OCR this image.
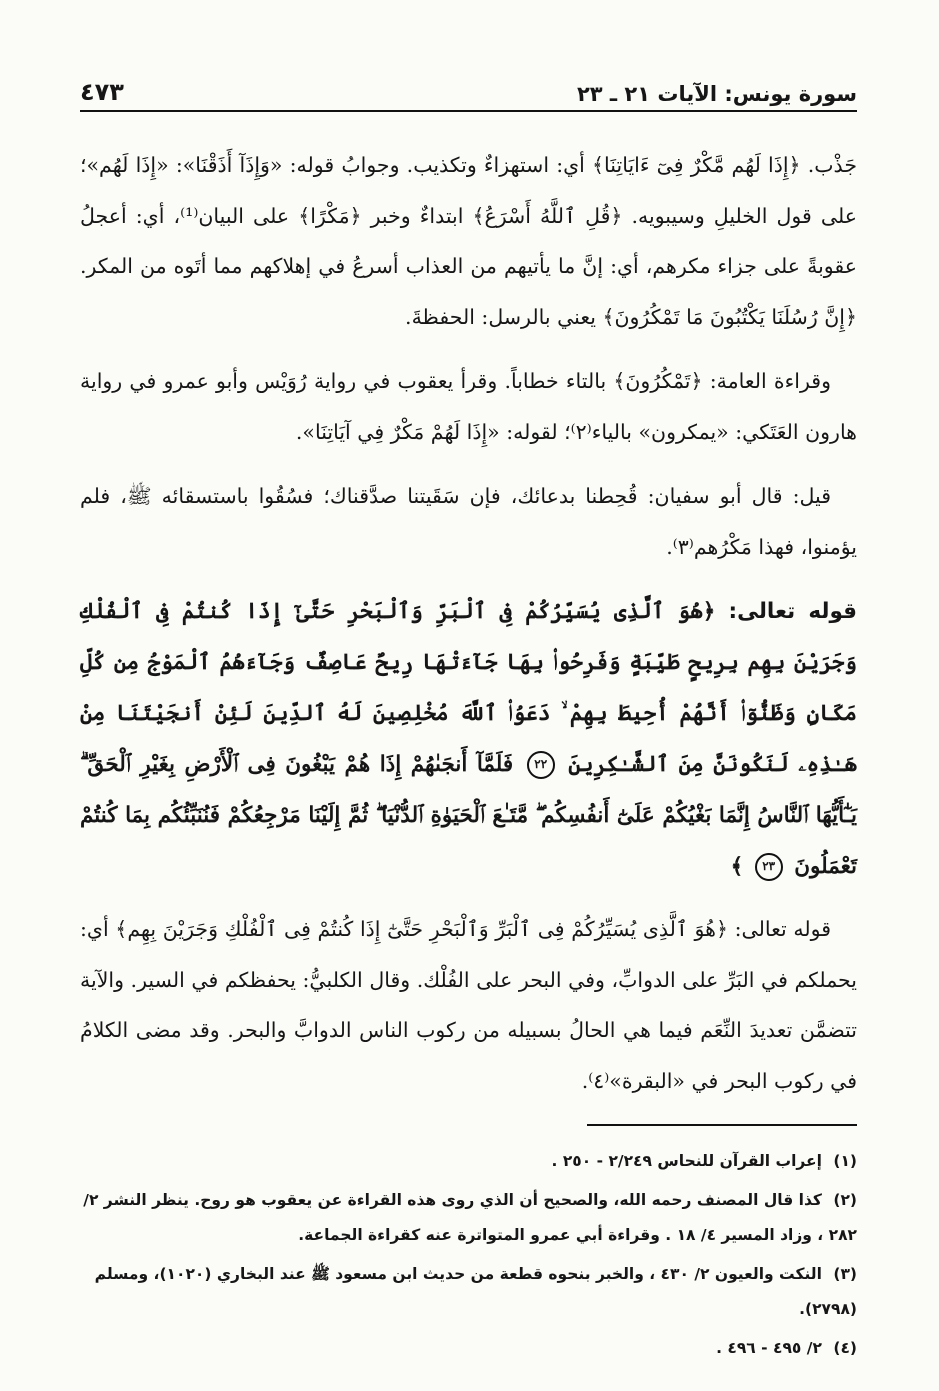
سورة يونس: الآيات ٢١ ـ ٢٣
٤٧٣

جَذْب. ﴿إِذَا لَهُم مَّكْرٌ فِىٓ ءَايَاتِنَا﴾ أي: استهزاءٌ وتكذيب. وجوابُ قوله: «وَإِذَآ أَذَقْنَا»: «إِذَا لَهُم»؛ على قول الخليلِ وسيبويه. ﴿قُلِ ٱللَّهُ أَسْرَعُ﴾ ابتداءٌ وخبر ﴿مَكْرًا﴾ على البيان⁽¹⁾، أي: أعجلُ عقوبةً على جزاء مكرهم، أي: إنَّ ما يأتيهم من العذاب أسرعُ في إهلاكهم مما أتَوه من المكر. ﴿إِنَّ رُسُلَنَا يَكْتُبُونَ مَا تَمْكُرُونَ﴾ يعني بالرسل: الحفظةَ.

وقراءة العامة: ﴿تَمْكُرُونَ﴾ بالتاء خطاباً. وقرأ يعقوب في رواية رُوَيْس وأبو عمرو في رواية هارون العَتَكي: «يمكرون» بالياء⁽٢⁾؛ لقوله: «إِذَا لَهُمْ مَكْرٌ فِي آيَاتِنَا».

قيل: قال أبو سفيان: قُحِطنا بدعائك، فإن سَقَيتنا صدَّقناك؛ فسُقُوا باستسقائه ﷺ، فلم يؤمنوا، فهذا مَكْرُهم⁽٣⁾.

قوله تعالى: ﴿هُوَ ٱلَّذِى يُسَيِّرُكُمْ فِى ٱلْبَرِّ وَٱلْبَحْرِ حَتَّىٰٓ إِذَا كُنتُمْ فِى ٱلْفُلْكِ وَجَرَيْنَ بِهِم بِرِيحٍ طَيِّبَةٍ وَفَرِحُوا۟ بِهَا جَآءَتْهَا رِيحٌ عَاصِفٌ وَجَآءَهُمُ ٱلْمَوْجُ مِن كُلِّ مَكَانٍ وَظَنُّوٓا۟ أَنَّهُمْ أُحِيطَ بِهِمْ ۙ دَعَوُا۟ ٱللَّهَ مُخْلِصِينَ لَهُ ٱلدِّينَ لَئِنْ أَنجَيْتَنَا مِنْ هَـٰذِهِۦ لَنَكُونَنَّ مِنَ ٱلشَّـٰكِرِينَ ٢٢ فَلَمَّآ أَنجَىٰهُمْ إِذَا هُمْ يَبْغُونَ فِى ٱلْأَرْضِ بِغَيْرِ ٱلْحَقِّ ۗ يَـٰٓأَيُّهَا ٱلنَّاسُ إِنَّمَا بَغْيُكُمْ عَلَىٰٓ أَنفُسِكُم ۖ مَّتَـٰعَ ٱلْحَيَوٰةِ ٱلدُّنْيَا ۖ ثُمَّ إِلَيْنَا مَرْجِعُكُمْ فَنُنَبِّئُكُم بِمَا كُنتُمْ تَعْمَلُونَ ٢٣ ﴾

قوله تعالى: ﴿هُوَ ٱلَّذِى يُسَيِّرُكُمْ فِى ٱلْبَرِّ وَٱلْبَحْرِ حَتَّىٰٓ إِذَا كُنتُمْ فِى ٱلْفُلْكِ وَجَرَيْنَ بِهِم﴾ أي: يحملكم في البَرِّ على الدوابِّ، وفي البحر على الفُلْك. وقال الكلبيُّ: يحفظكم في السير. والآية تتضمَّن تعديدَ النِّعَم فيما هي الحالُ بسبيله من ركوب الناس الدوابَّ والبحر. وقد مضى الكلامُ في ركوب البحر في «البقرة»⁽٤⁾.

(١) إعراب القرآن للنحاس ٢/٢٤٩ - ٢٥٠ .
(٢) كذا قال المصنف رحمه الله، والصحيح أن الذي روى هذه القراءة عن يعقوب هو روح. ينظر النشر ٢/ ٢٨٢ ، وزاد المسير ٤/ ١٨ . وقراءة أبي عمرو المتواترة عنه كقراءة الجماعة.
(٣) النكت والعيون ٢/ ٤٣٠ ، والخبر بنحوه قطعة من حديث ابن مسعود ﷺ عند البخاري (١٠٢٠)، ومسلم (٢٧٩٨).
(٤) ٢/ ٤٩٥ - ٤٩٦ .
